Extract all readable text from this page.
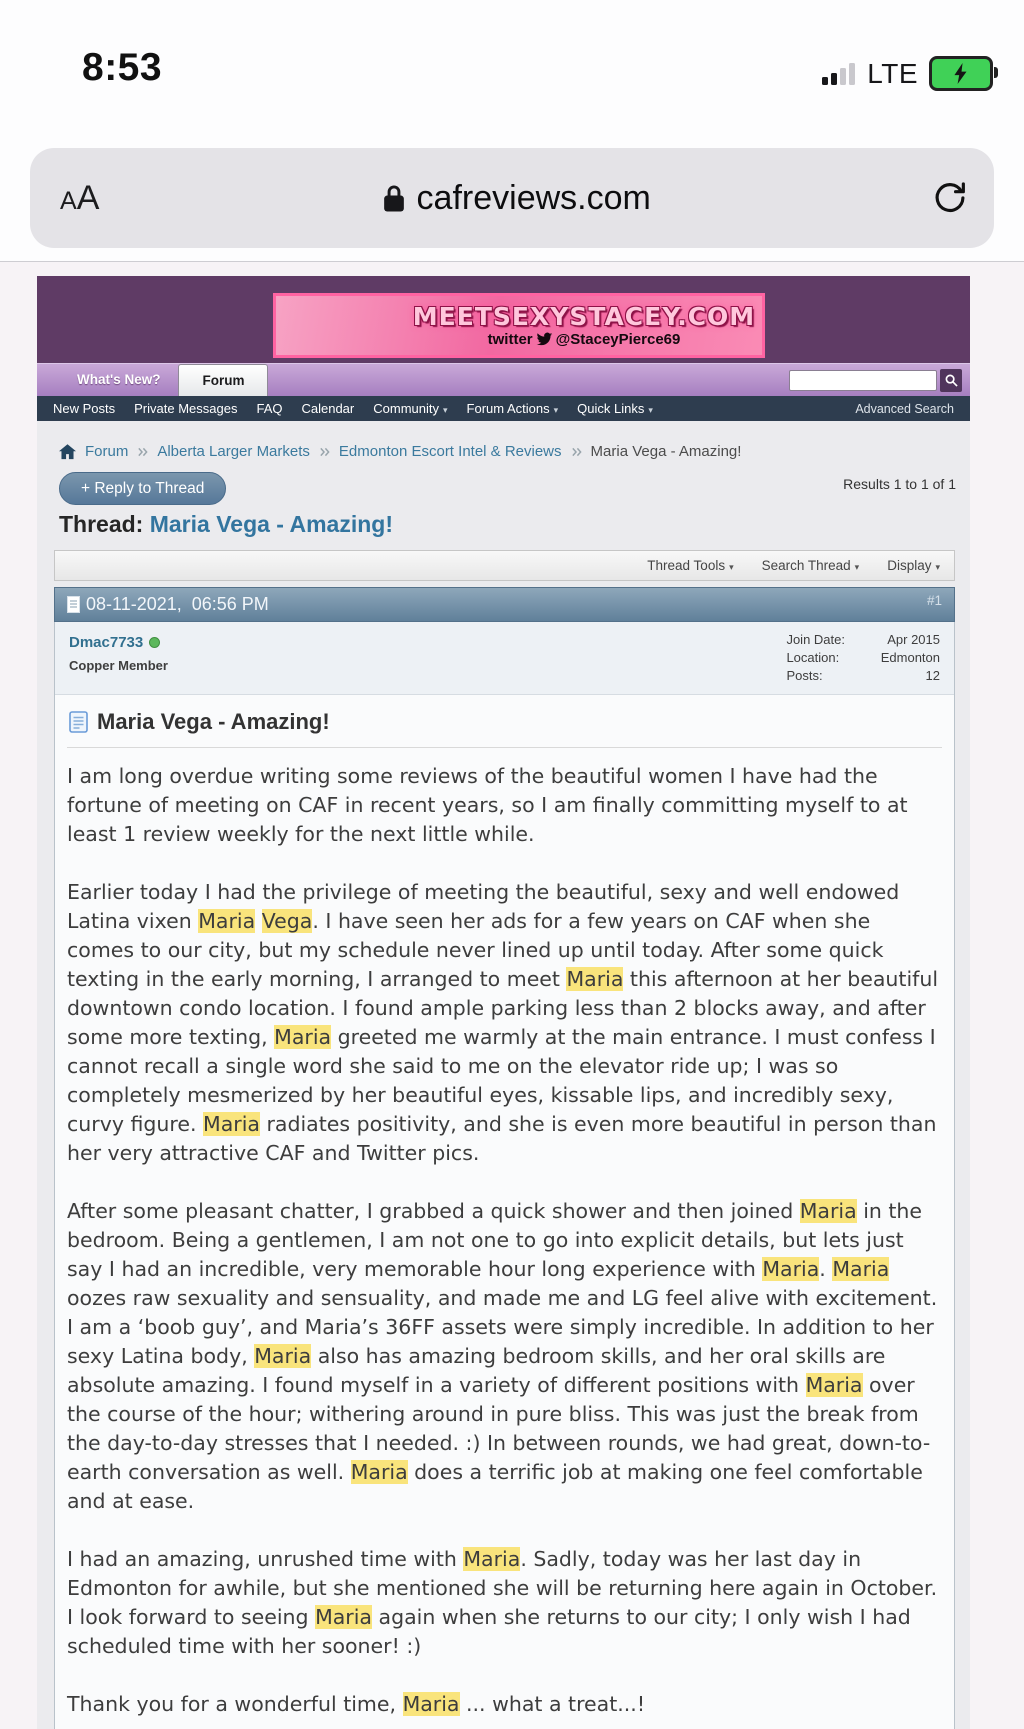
8:53	LTE
AA	cafreviews.com
MEETSEXYSTACEY.COM
twitter @StaceyPierce69
What's New?	Forum
New Posts Private Messages FAQ Calendar Community ▾ Forum Actions ▾ Quick Links ▾	Advanced Search
Forum Alberta Larger Markets Edmonton Escort Intel & Reviews Maria Vega - Amazing!
+ Reply to Thread	Results 1 to 1 of 1
Thread: Maria Vega - Amazing!
Thread Tools ▾ Search Thread ▾ Display ▾
08-11-2021,  06:56 PM	#1
Dmac7733
Copper Member
Join Date:	Apr 2015
Location:	Edmonton
Posts:	12
Maria Vega - Amazing!

I am long overdue writing some reviews of the beautiful women I have had the fortune of meeting on CAF in recent years, so I am finally committing myself to at least 1 review weekly for the next little while.

Earlier today I had the privilege of meeting the beautiful, sexy and well endowed Latina vixen Maria Vega. I have seen her ads for a few years on CAF when she comes to our city, but my schedule never lined up until today. After some quick texting in the early morning, I arranged to meet Maria this afternoon at her beautiful downtown condo location. I found ample parking less than 2 blocks away, and after some more texting, Maria greeted me warmly at the main entrance. I must confess I cannot recall a single word she said to me on the elevator ride up; I was so completely mesmerized by her beautiful eyes, kissable lips, and incredibly sexy, curvy figure. Maria radiates positivity, and she is even more beautiful in person than her very attractive CAF and Twitter pics.

After some pleasant chatter, I grabbed a quick shower and then joined Maria in the bedroom. Being a gentlemen, I am not one to go into explicit details, but lets just say I had an incredible, very memorable hour long experience with Maria. Maria oozes raw sexuality and sensuality, and made me and LG feel alive with excitement. I am a ‘boob guy’, and Maria’s 36FF assets were simply incredible. In addition to her sexy Latina body, Maria also has amazing bedroom skills, and her oral skills are absolute amazing. I found myself in a variety of different positions with Maria over the course of the hour; withering around in pure bliss. This was just the break from the day-to-day stresses that I needed. :) In between rounds, we had great, down-to-earth conversation as well. Maria does a terrific job at making one feel comfortable and at ease.

I had an amazing, unrushed time with Maria. Sadly, today was her last day in Edmonton for awhile, but she mentioned she will be returning here again in October. I look forward to seeing Maria again when she returns to our city; I only wish I had scheduled time with her sooner! :)

Thank you for a wonderful time, Maria ... what a treat...!
